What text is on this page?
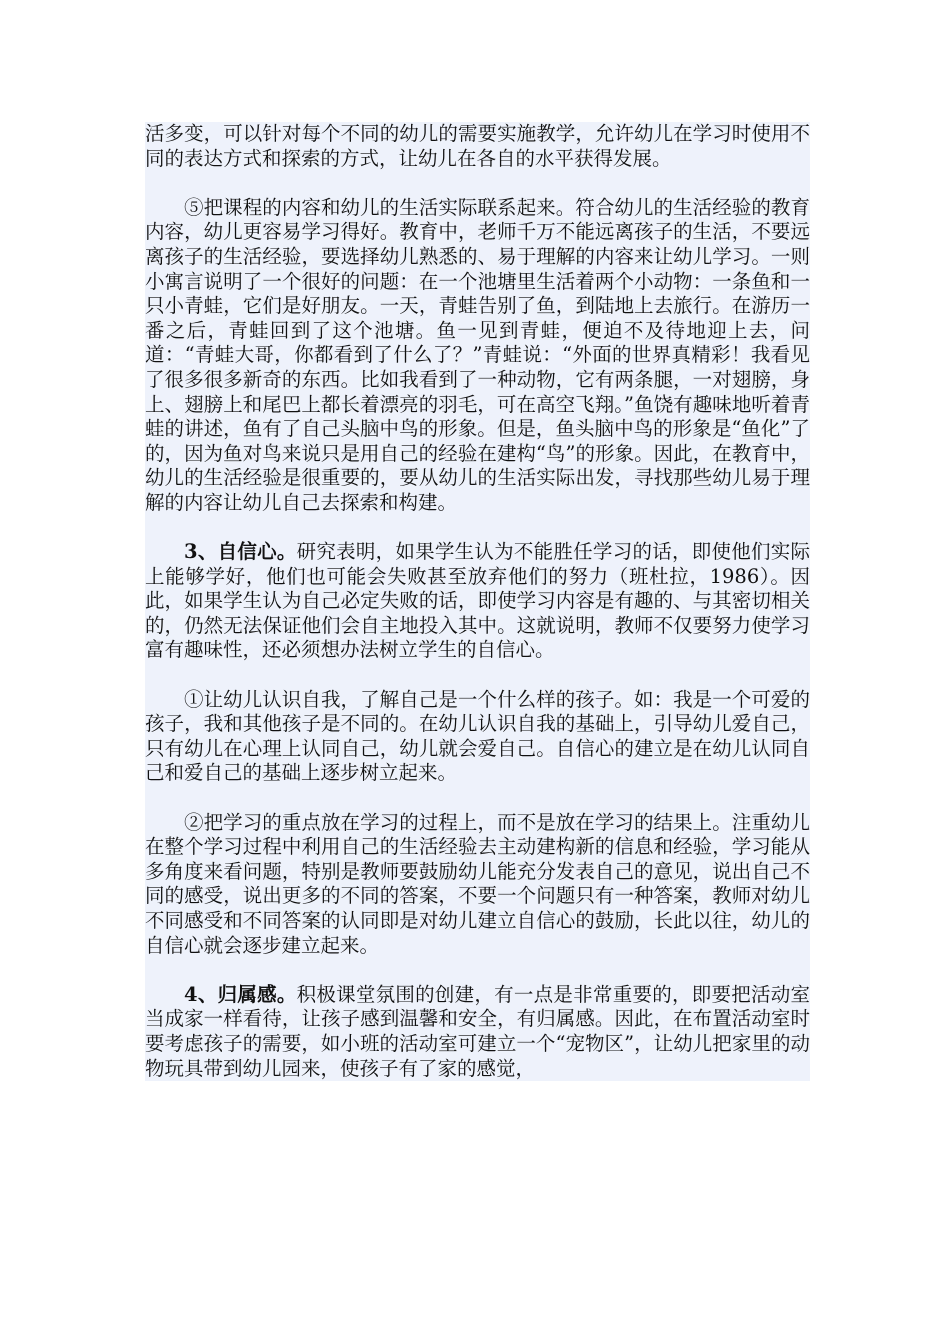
活多变，可以针对每个不同的幼儿的需要实施教学，允许幼儿在学习时使用不同的表达方式和探索的方式，让幼儿在各自的水平获得发展。

⑤把课程的内容和幼儿的生活实际联系起来。符合幼儿的生活经验的教育内容，幼儿更容易学习得好。教育中，老师千万不能远离孩子的生活，不要远离孩子的生活经验，要选择幼儿熟悉的、易于理解的内容来让幼儿学习。一则小寓言说明了一个很好的问题：在一个池塘里生活着两个小动物：一条鱼和一只小青蛙，它们是好朋友。一天，青蛙告别了鱼，到陆地上去旅行。在游历一番之后，青蛙回到了这个池塘。鱼一见到青蛙，便迫不及待地迎上去，问道：“青蛙大哥，你都看到了什么了？”青蛙说：“外面的世界真精彩！我看见了很多很多新奇的东西。比如我看到了一种动物，它有两条腿，一对翅膀，身上、翅膀上和尾巴上都长着漂亮的羽毛，可在高空飞翔。”鱼饶有趣味地听着青蛙的讲述，鱼有了自己头脑中鸟的形象。但是，鱼头脑中鸟的形象是“鱼化”了的，因为鱼对鸟来说只是用自己的经验在建构“鸟”的形象。因此，在教育中，幼儿的生活经验是很重要的，要从幼儿的生活实际出发，寻找那些幼儿易于理解的内容让幼儿自己去探索和构建。

3、自信心。研究表明，如果学生认为不能胜任学习的话，即使他们实际上能够学好，他们也可能会失败甚至放弃他们的努力（班杜拉，1986）。因此，如果学生认为自己必定失败的话，即使学习内容是有趣的、与其密切相关的，仍然无法保证他们会自主地投入其中。这就说明，教师不仅要努力使学习富有趣味性，还必须想办法树立学生的自信心。

①让幼儿认识自我，了解自己是一个什么样的孩子。如：我是一个可爱的孩子，我和其他孩子是不同的。在幼儿认识自我的基础上，引导幼儿爱自己，只有幼儿在心理上认同自己，幼儿就会爱自己。自信心的建立是在幼儿认同自己和爱自己的基础上逐步树立起来。

②把学习的重点放在学习的过程上，而不是放在学习的结果上。注重幼儿在整个学习过程中利用自己的生活经验去主动建构新的信息和经验，学习能从多角度来看问题，特别是教师要鼓励幼儿能充分发表自己的意见，说出自己不同的感受，说出更多的不同的答案，不要一个问题只有一种答案，教师对幼儿不同感受和不同答案的认同即是对幼儿建立自信心的鼓励，长此以往，幼儿的自信心就会逐步建立起来。

4、归属感。积极课堂氛围的创建，有一点是非常重要的，即要把活动室当成家一样看待，让孩子感到温馨和安全，有归属感。因此，在布置活动室时要考虑孩子的需要，如小班的活动室可建立一个“宠物区”，让幼儿把家里的动物玩具带到幼儿园来，使孩子有了家的感觉，
